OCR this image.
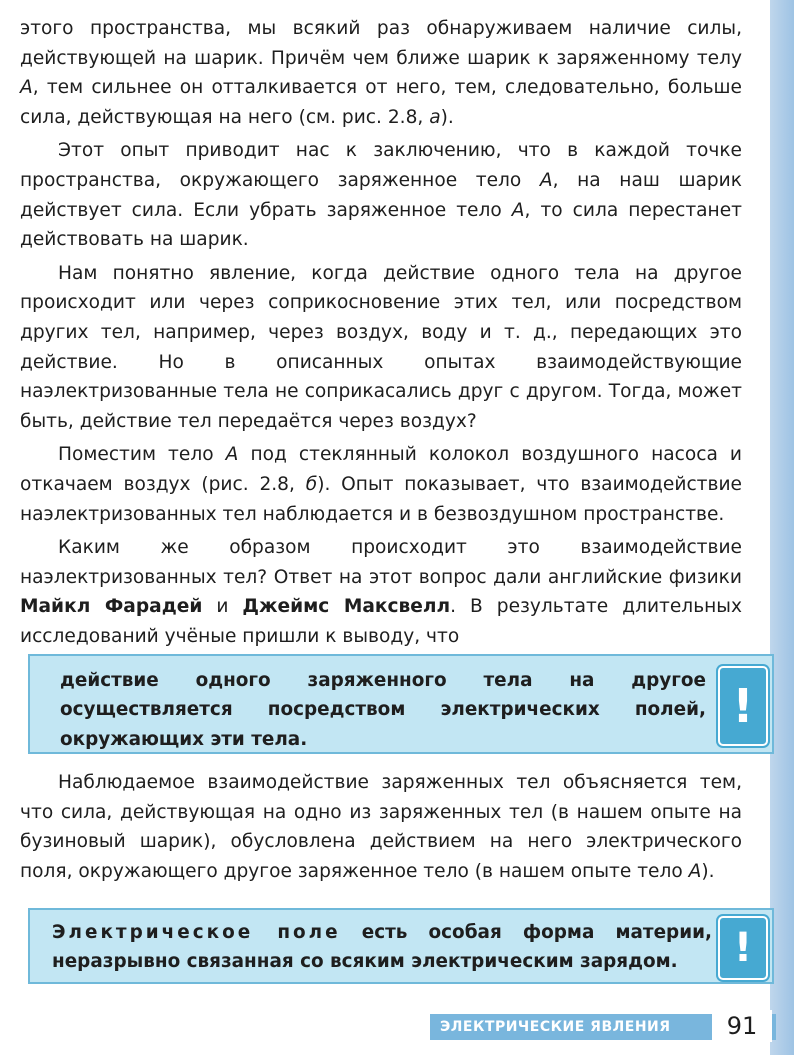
этого пространства, мы всякий раз обнаруживаем наличие силы, действующей на шарик. Причём чем ближе шарик к заряженному телу А, тем сильнее он отталкивается от него, тем, следовательно, больше сила, действующая на него (см. рис. 2.8, а).

Этот опыт приводит нас к заключению, что в каждой точке пространства, окружающего заряженное тело А, на наш шарик действует сила. Если убрать заряженное тело А, то сила перестанет действовать на шарик.

Нам понятно явление, когда действие одного тела на другое происходит или через соприкосновение этих тел, или посредством других тел, например, через воздух, воду и т. д., передающих это действие. Но в описанных опытах взаимодействующие наэлектризованные тела не соприкасались друг с другом. Тогда, может быть, действие тел передаётся через воздух?

Поместим тело А под стеклянный колокол воздушного насоса и откачаем воздух (рис. 2.8, б). Опыт показывает, что взаимодействие наэлектризованных тел наблюдается и в безвоздушном пространстве.

Каким же образом происходит это взаимодействие наэлектризованных тел? Ответ на этот вопрос дали английские физики Майкл Фарадей и Джеймс Максвелл. В результате длительных исследований учёные пришли к выводу, что

действие одного заряженного тела на другое осуществляется посредством электрических полей, окружающих эти тела.
!

Наблюдаемое взаимодействие заряженных тел объясняется тем, что сила, действующая на одно из заряженных тел (в нашем опыте на бузиновый шарик), обусловлена действием на него электрического поля, окружающего другое заряженное тело (в нашем опыте тело А).

Электрическое поле есть особая форма материи, неразрывно связанная со всяким электрическим зарядом.	!
ЭЛЕКТРИЧЕСКИЕ ЯВЛЕНИЯ	91
